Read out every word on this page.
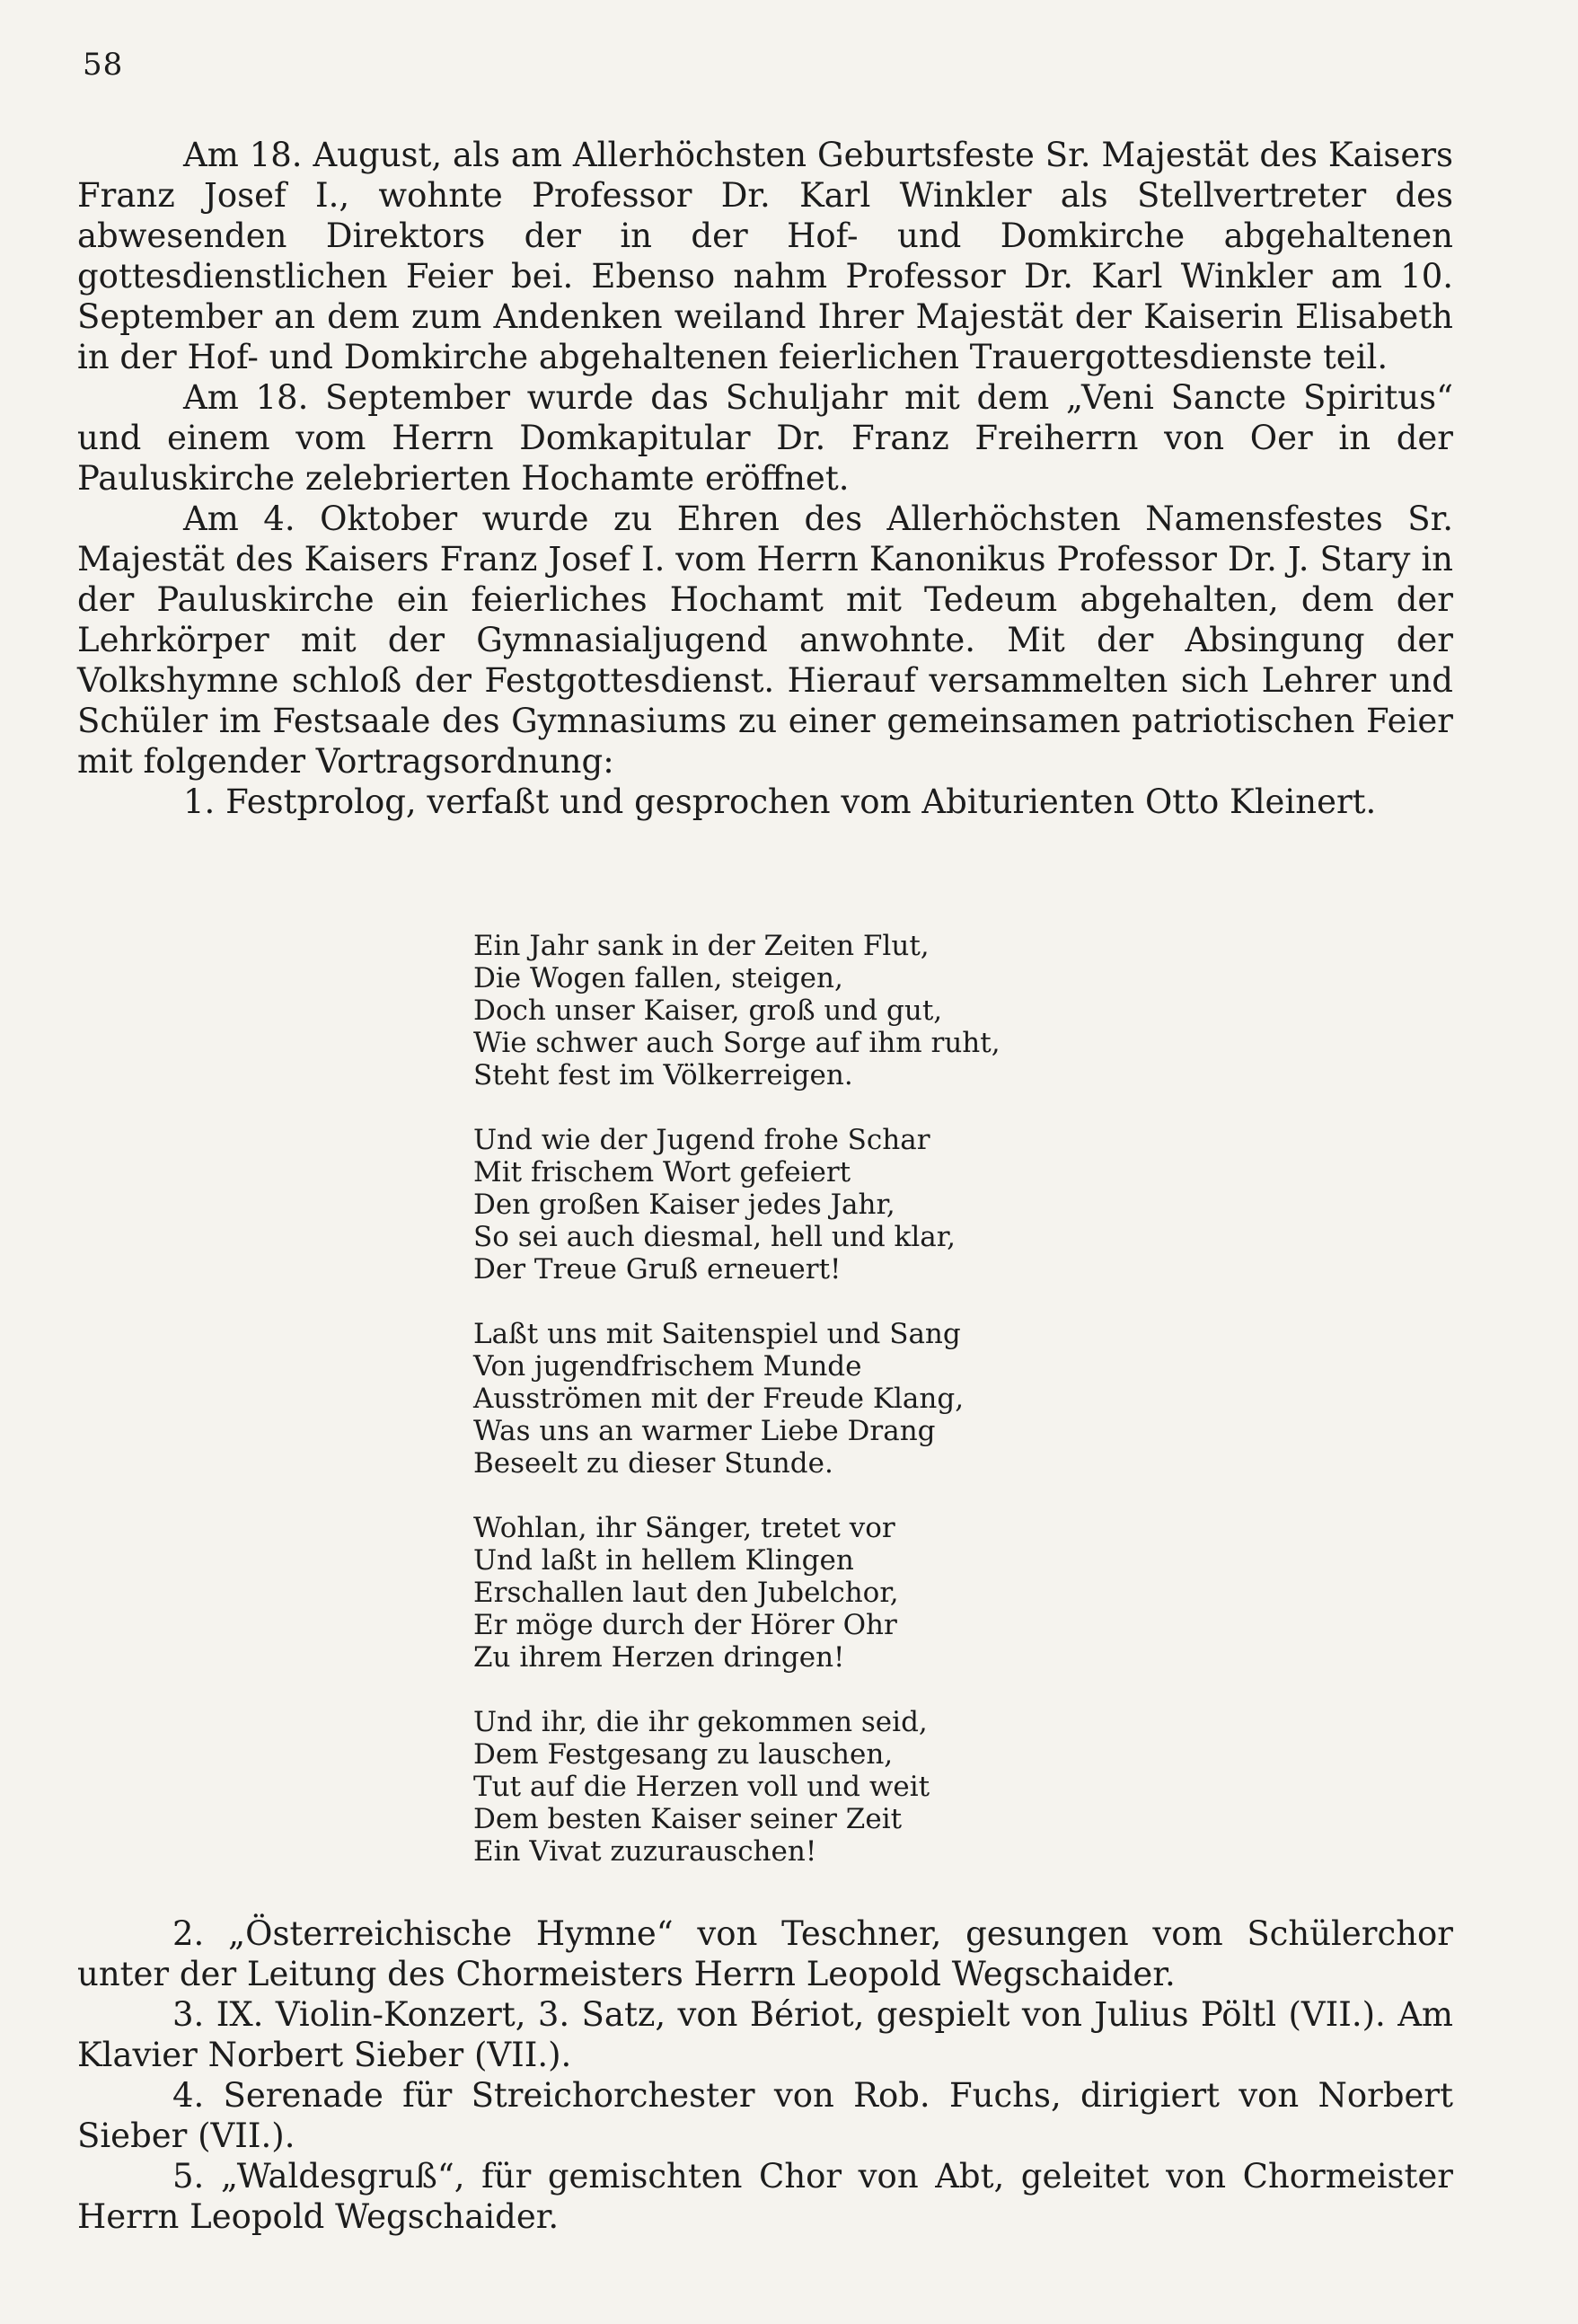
58

Am 18. August, als am Allerhöchsten Geburtsfeste Sr. Majestät des Kaisers Franz Josef I., wohnte Professor Dr. Karl Winkler als Stellvertreter des abwesenden Direktors der in der Hof- und Domkirche abgehaltenen gottesdienstlichen Feier bei. Ebenso nahm Professor Dr. Karl Winkler am 10. September an dem zum Andenken weiland Ihrer Majestät der Kaiserin Elisabeth in der Hof- und Domkirche abgehaltenen feierlichen Trauergottesdienste teil.

Am 18. September wurde das Schuljahr mit dem „Veni Sancte Spiritus“ und einem vom Herrn Domkapitular Dr. Franz Freiherrn von Oer in der Pauluskirche zelebrierten Hochamte eröffnet.

Am 4. Oktober wurde zu Ehren des Allerhöchsten Namensfestes Sr. Majestät des Kaisers Franz Josef I. vom Herrn Kanonikus Professor Dr. J. Stary in der Pauluskirche ein feierliches Hochamt mit Tedeum abgehalten, dem der Lehrkörper mit der Gymnasialjugend anwohnte. Mit der Absingung der Volkshymne schloß der Festgottesdienst. Hierauf versammelten sich Lehrer und Schüler im Festsaale des Gymnasiums zu einer gemeinsamen patriotischen Feier mit folgender Vortragsordnung:

1. Festprolog, verfaßt und gesprochen vom Abiturienten Otto Kleinert.

Ein Jahr sank in der Zeiten Flut,
Die Wogen fallen, steigen,
Doch unser Kaiser, groß und gut,
Wie schwer auch Sorge auf ihm ruht,
Steht fest im Völkerreigen.
Und wie der Jugend frohe Schar
Mit frischem Wort gefeiert
Den großen Kaiser jedes Jahr,
So sei auch diesmal, hell und klar,
Der Treue Gruß erneuert!
Laßt uns mit Saitenspiel und Sang
Von jugendfrischem Munde
Ausströmen mit der Freude Klang,
Was uns an warmer Liebe Drang
Beseelt zu dieser Stunde.
Wohlan, ihr Sänger, tretet vor
Und laßt in hellem Klingen
Erschallen laut den Jubelchor,
Er möge durch der Hörer Ohr
Zu ihrem Herzen dringen!
Und ihr, die ihr gekommen seid,
Dem Festgesang zu lauschen,
Tut auf die Herzen voll und weit
Dem besten Kaiser seiner Zeit
Ein Vivat zuzurauschen!

2. „Österreichische Hymne“ von Teschner, gesungen vom Schülerchor unter der Leitung des Chormeisters Herrn Leopold Wegschaider.

3. IX. Violin-Konzert, 3. Satz, von Bériot, gespielt von Julius Pöltl (VII.). Am Klavier Norbert Sieber (VII.).

4. Serenade für Streichorchester von Rob. Fuchs, dirigiert von Norbert Sieber (VII.).

5. „Waldesgruß“, für gemischten Chor von Abt, geleitet von Chormeister Herrn Leopold Wegschaider.
